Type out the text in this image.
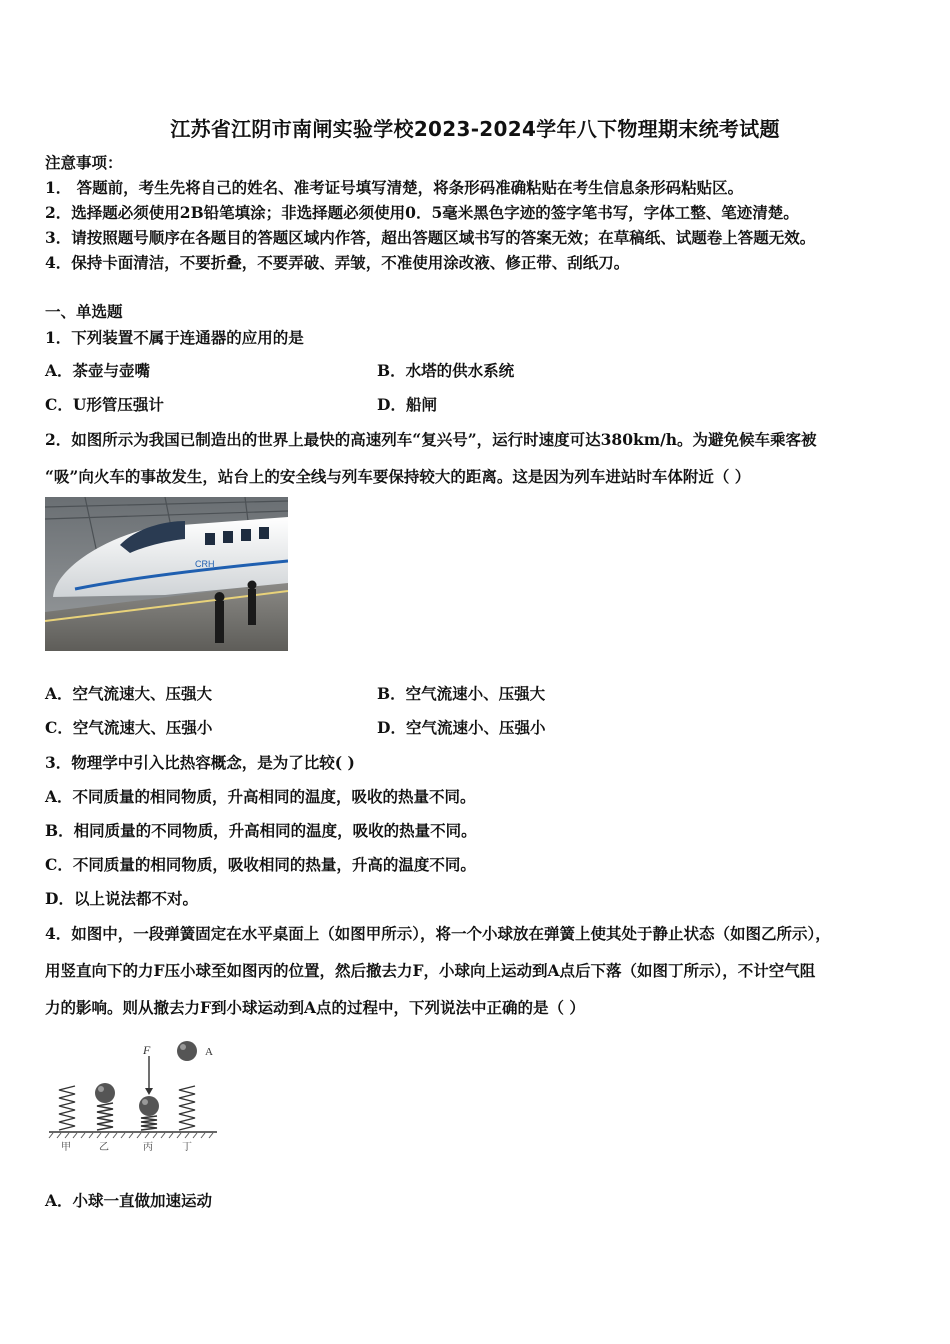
江苏省江阴市南闸实验学校2023-2024学年八下物理期末统考试题
注意事项：
1． 答题前，考生先将自己的姓名、准考证号填写清楚，将条形码准确粘贴在考生信息条形码粘贴区。
2．选择题必须使用2B铅笔填涂；非选择题必须使用0．5毫米黑色字迹的签字笔书写，字体工整、笔迹清楚。
3．请按照题号顺序在各题目的答题区域内作答，超出答题区域书写的答案无效；在草稿纸、试题卷上答题无效。
4．保持卡面清洁，不要折叠，不要弄破、弄皱，不准使用涂改液、修正带、刮纸刀。
一、单选题
1．下列装置不属于连通器的应用的是
A．茶壶与壶嘴	B．水塔的供水系统
C．U形管压强计	D．船闸
2．如图所示为我国已制造出的世界上最快的高速列车“复兴号”，运行时速度可达380km/h。为避免候车乘客被
“吸”向火车的事故发生，站台上的安全线与列车要保持较大的距离。这是因为列车进站时车体附近（ ）
CRH
A．空气流速大、压强大	B．空气流速小、压强大
C．空气流速大、压强小	D．空气流速小、压强小
3．物理学中引入比热容概念，是为了比较( )
A．不同质量的相同物质，升高相同的温度，吸收的热量不同。
B．相同质量的不同物质，升高相同的温度，吸收的热量不同。
C．不同质量的相同物质，吸收相同的热量，升高的温度不同。
D．以上说法都不对。
4．如图中，一段弹簧固定在水平桌面上（如图甲所示），将一个小球放在弹簧上使其处于静止状态（如图乙所示），
用竖直向下的力F压小球至如图丙的位置，然后撤去力F，小球向上运动到A点后下落（如图丁所示），不计空气阻
力的影响。则从撤去力F到小球运动到A点的过程中，下列说法中正确的是（ ）
F	A
甲	乙	丙	丁
A．小球一直做加速运动
